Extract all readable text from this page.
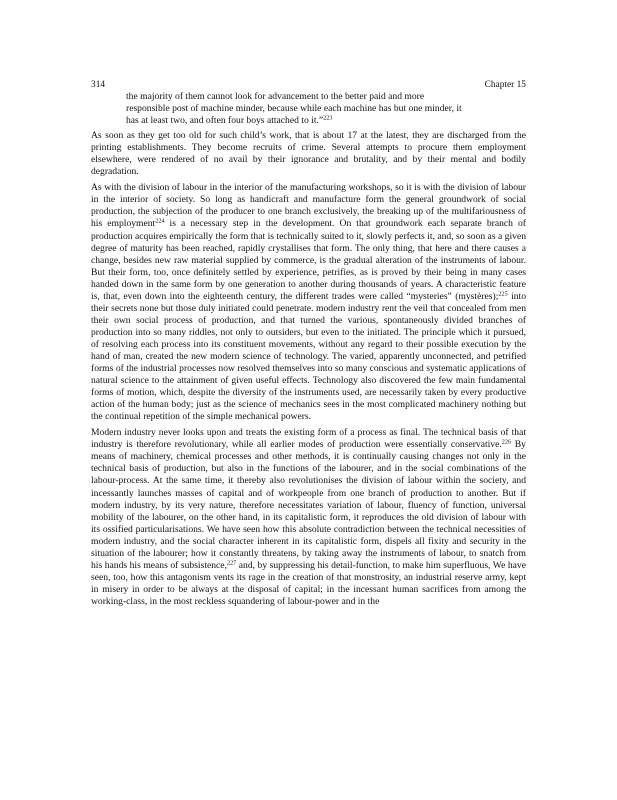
314	Chapter 15

the majority of them cannot look for advancement to the better paid and more responsible post of machine minder, because while each machine has but one minder, it has at least two, and often four boys attached to it.”$^{223}$

As soon as they get too old for such child’s work, that is about 17 at the latest, they are discharged from the printing establishments. They become recruits of crime. Several attempts to procure them employment elsewhere, were rendered of no avail by their ignorance and brutality, and by their mental and bodily degradation.

As with the division of labour in the interior of the manufacturing workshops, so it is with the division of labour in the interior of society. So long as handicraft and manufacture form the general groundwork of social production, the subjection of the producer to one branch exclusively, the breaking up of the multifariousness of his employment$^{224}$ is a necessary step in the development. On that groundwork each separate branch of production acquires empirically the form that is technically suited to it, slowly perfects it, and, so soon as a given degree of maturity has been reached, rapidly crystallises that form. The only thing, that here and there causes a change, besides new raw material supplied by commerce, is the gradual alteration of the instruments of labour. But their form, too, once definitely settled by experience, petrifies, as is proved by their being in many cases handed down in the same form by one generation to another during thousands of years. A characteristic feature is, that, even down into the eighteenth century, the different trades were called “mysteries” (mystères);$^{225}$ into their secrets none but those duly initiated could penetrate. modern industry rent the veil that concealed from men their own social process of production, and that turned the various, spontaneously divided branches of production into so many riddles, not only to outsiders, but even to the initiated. The principle which it pursued, of resolving each process into its constituent movements, without any regard to their possible execution by the hand of man, created the new modern science of technology. The varied, apparently unconnected, and petrified forms of the industrial processes now resolved themselves into so many conscious and systematic applications of natural science to the attainment of given useful effects. Technology also discovered the few main fundamental forms of motion, which, despite the diversity of the instruments used, are necessarily taken by every productive action of the human body; just as the science of mechanics sees in the most complicated machinery nothing but the continual repetition of the simple mechanical powers.

Modern industry never looks upon and treats the existing form of a process as final. The technical basis of that industry is therefore revolutionary, while all earlier modes of production were essentially conservative.$^{226}$ By means of machinery, chemical processes and other methods, it is continually causing changes not only in the technical basis of production, but also in the functions of the labourer, and in the social combinations of the labour-process. At the same time, it thereby also revolutionises the division of labour within the society, and incessantly launches masses of capital and of workpeople from one branch of production to another. But if modern industry, by its very nature, therefore necessitates variation of labour, fluency of function, universal mobility of the labourer, on the other hand, in its capitalistic form, it reproduces the old division of labour with its ossified particularisations. We have seen how this absolute contradiction between the technical necessities of modern industry, and the social character inherent in its capitalistic form, dispels all fixity and security in the situation of the labourer; how it constantly threatens, by taking away the instruments of labour, to snatch from his hands his means of subsistence,$^{227}$ and, by suppressing his detail-function, to make him superfluous, We have seen, too, how this antagonism vents its rage in the creation of that monstrosity, an industrial reserve army, kept in misery in order to be always at the disposal of capital; in the incessant human sacrifices from among the working-class, in the most reckless squandering of labour-power and in the
